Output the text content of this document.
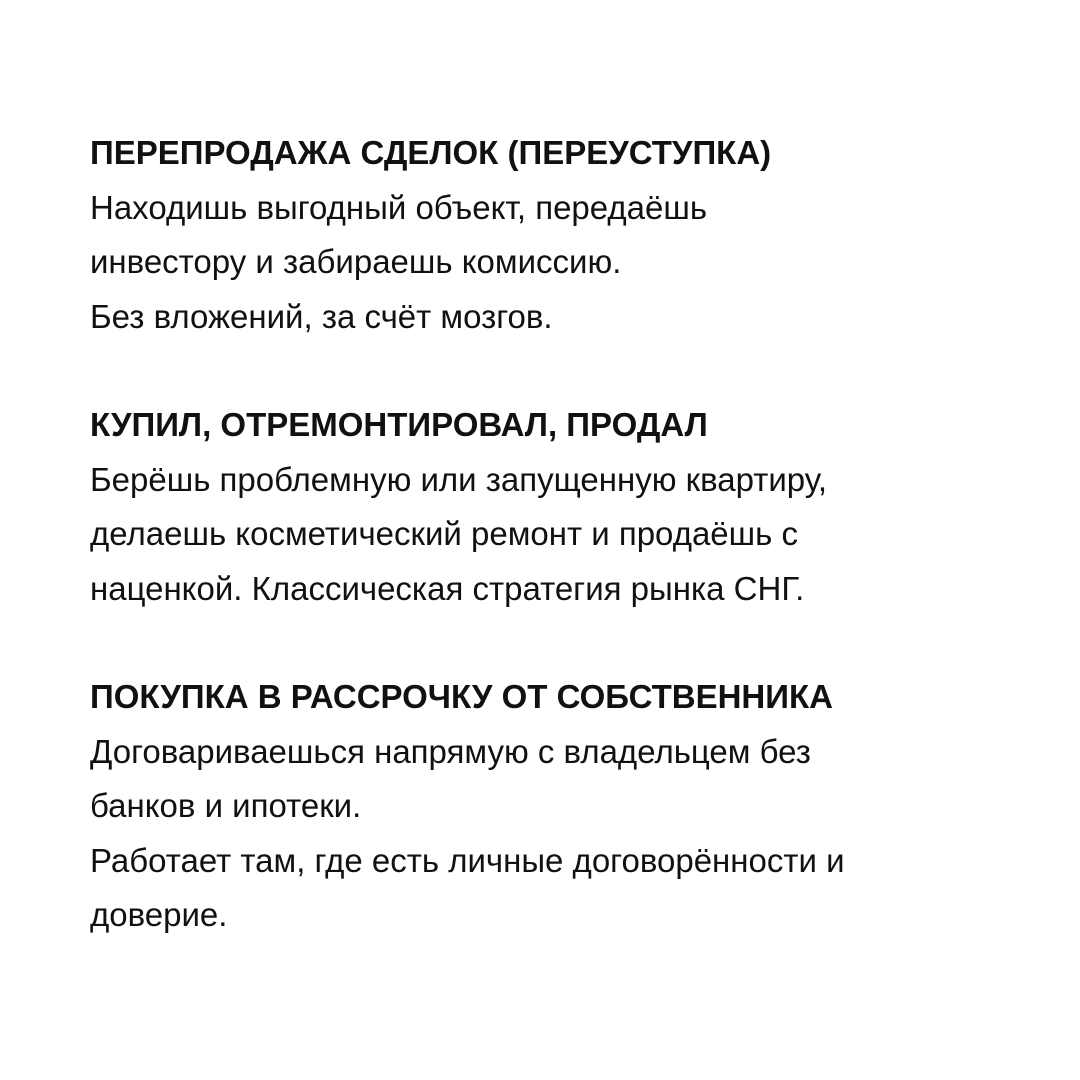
ПЕРЕПРОДАЖА СДЕЛОК (ПЕРЕУСТУПКА)

Находишь выгодный объект, передаёшь

инвестору и забираешь комиссию.

Без вложений, за счёт мозгов.

КУПИЛ, ОТРЕМОНТИРОВАЛ, ПРОДАЛ

Берёшь проблемную или запущенную квартиру,

делаешь косметический ремонт и продаёшь с

наценкой. Классическая стратегия рынка СНГ.

ПОКУПКА В РАССРОЧКУ ОТ СОБСТВЕННИКА

Договариваешься напрямую с владельцем без

банков и ипотеки.

Работает там, где есть личные договорённости и

доверие.
